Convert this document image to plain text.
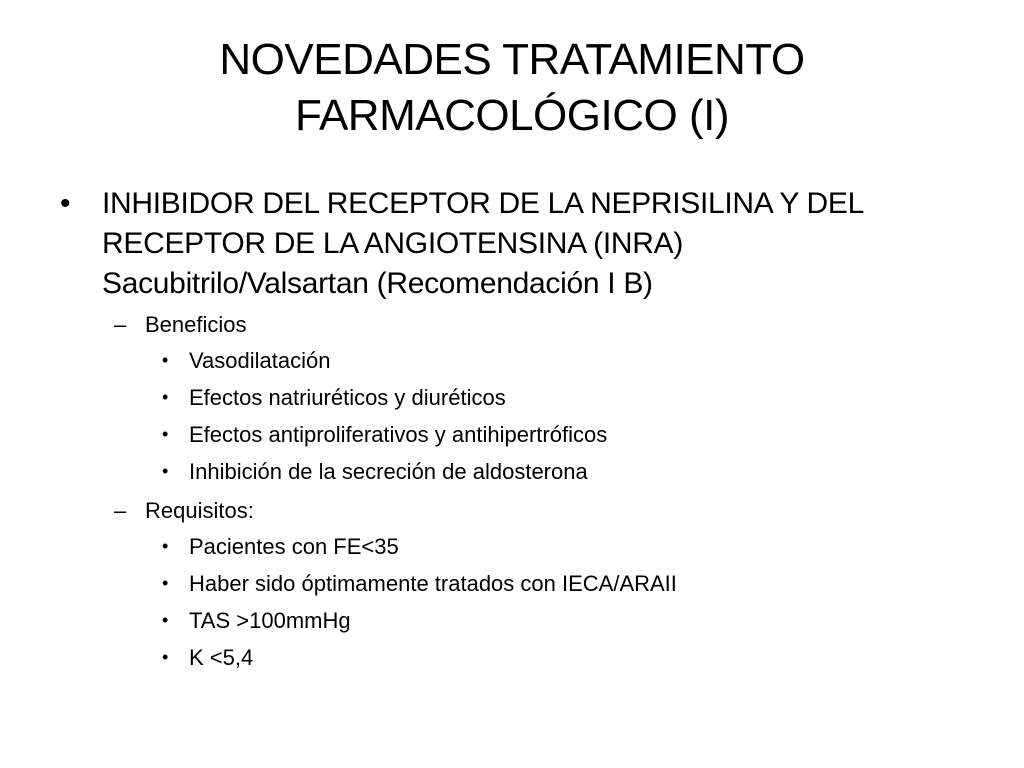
NOVEDADES TRATAMIENTO
FARMACOLÓGICO (I)
• INHIBIDOR DEL RECEPTOR DE LA NEPRISILINA Y DEL
RECEPTOR DE LA ANGIOTENSINA (INRA)
Sacubitrilo/Valsartan (Recomendación I B)
– Beneficios
• Vasodilatación
• Efectos natriuréticos y diuréticos
• Efectos antiproliferativos y antihipertróficos
• Inhibición de la secreción de aldosterona
– Requisitos:
• Pacientes con FE<35
• Haber sido óptimamente tratados con IECA/ARAII
• TAS >100mmHg
• K <5,4
